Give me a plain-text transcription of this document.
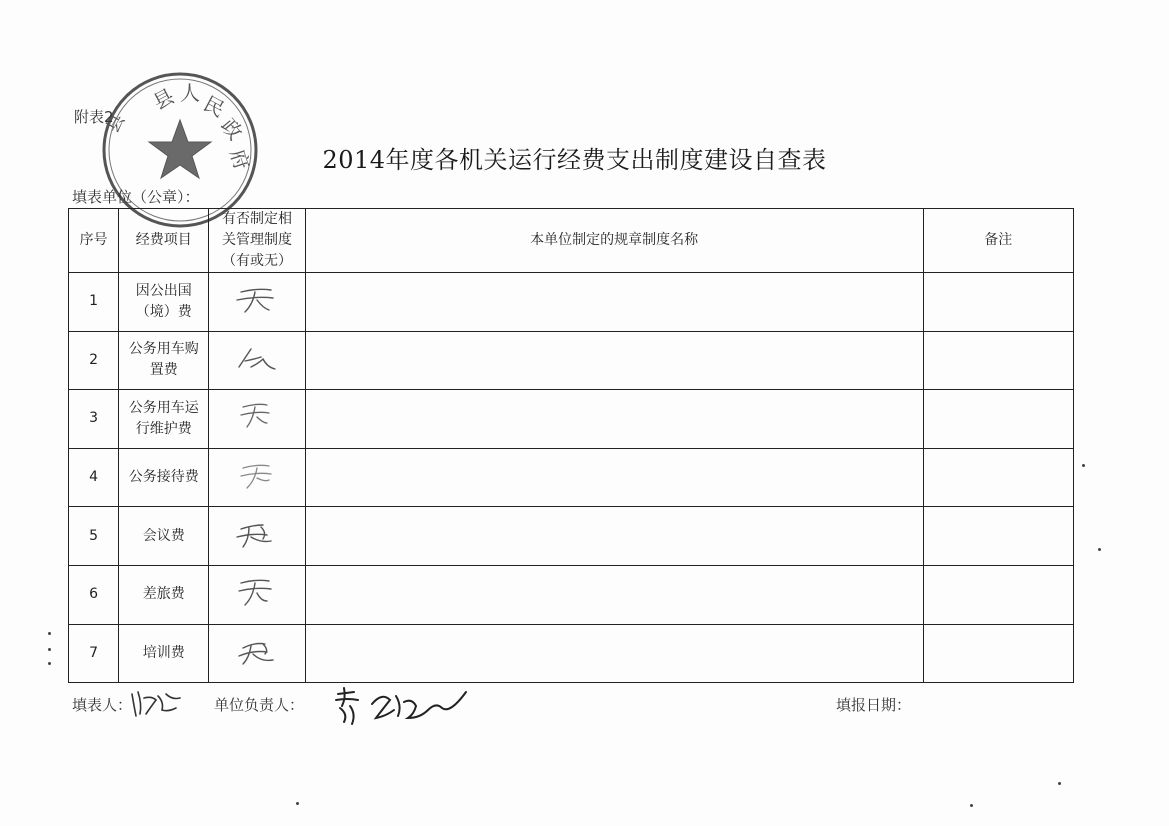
县 人 民
政
府
县
附表2
2014年度各机关运行经费支出制度建设自查表
填表单位（公章）：
序号	经费项目	有否制定相
关管理制度
（有或无）	本单位制定的规章制度名称	备注
1	因公出国
（境）费

2	公务用车购
置费

3	公务用车运
行维护费

4	公务接待费

5	会议费

6	差旅费

7	培训费

填表人：	单位负责人：	填报日期：
